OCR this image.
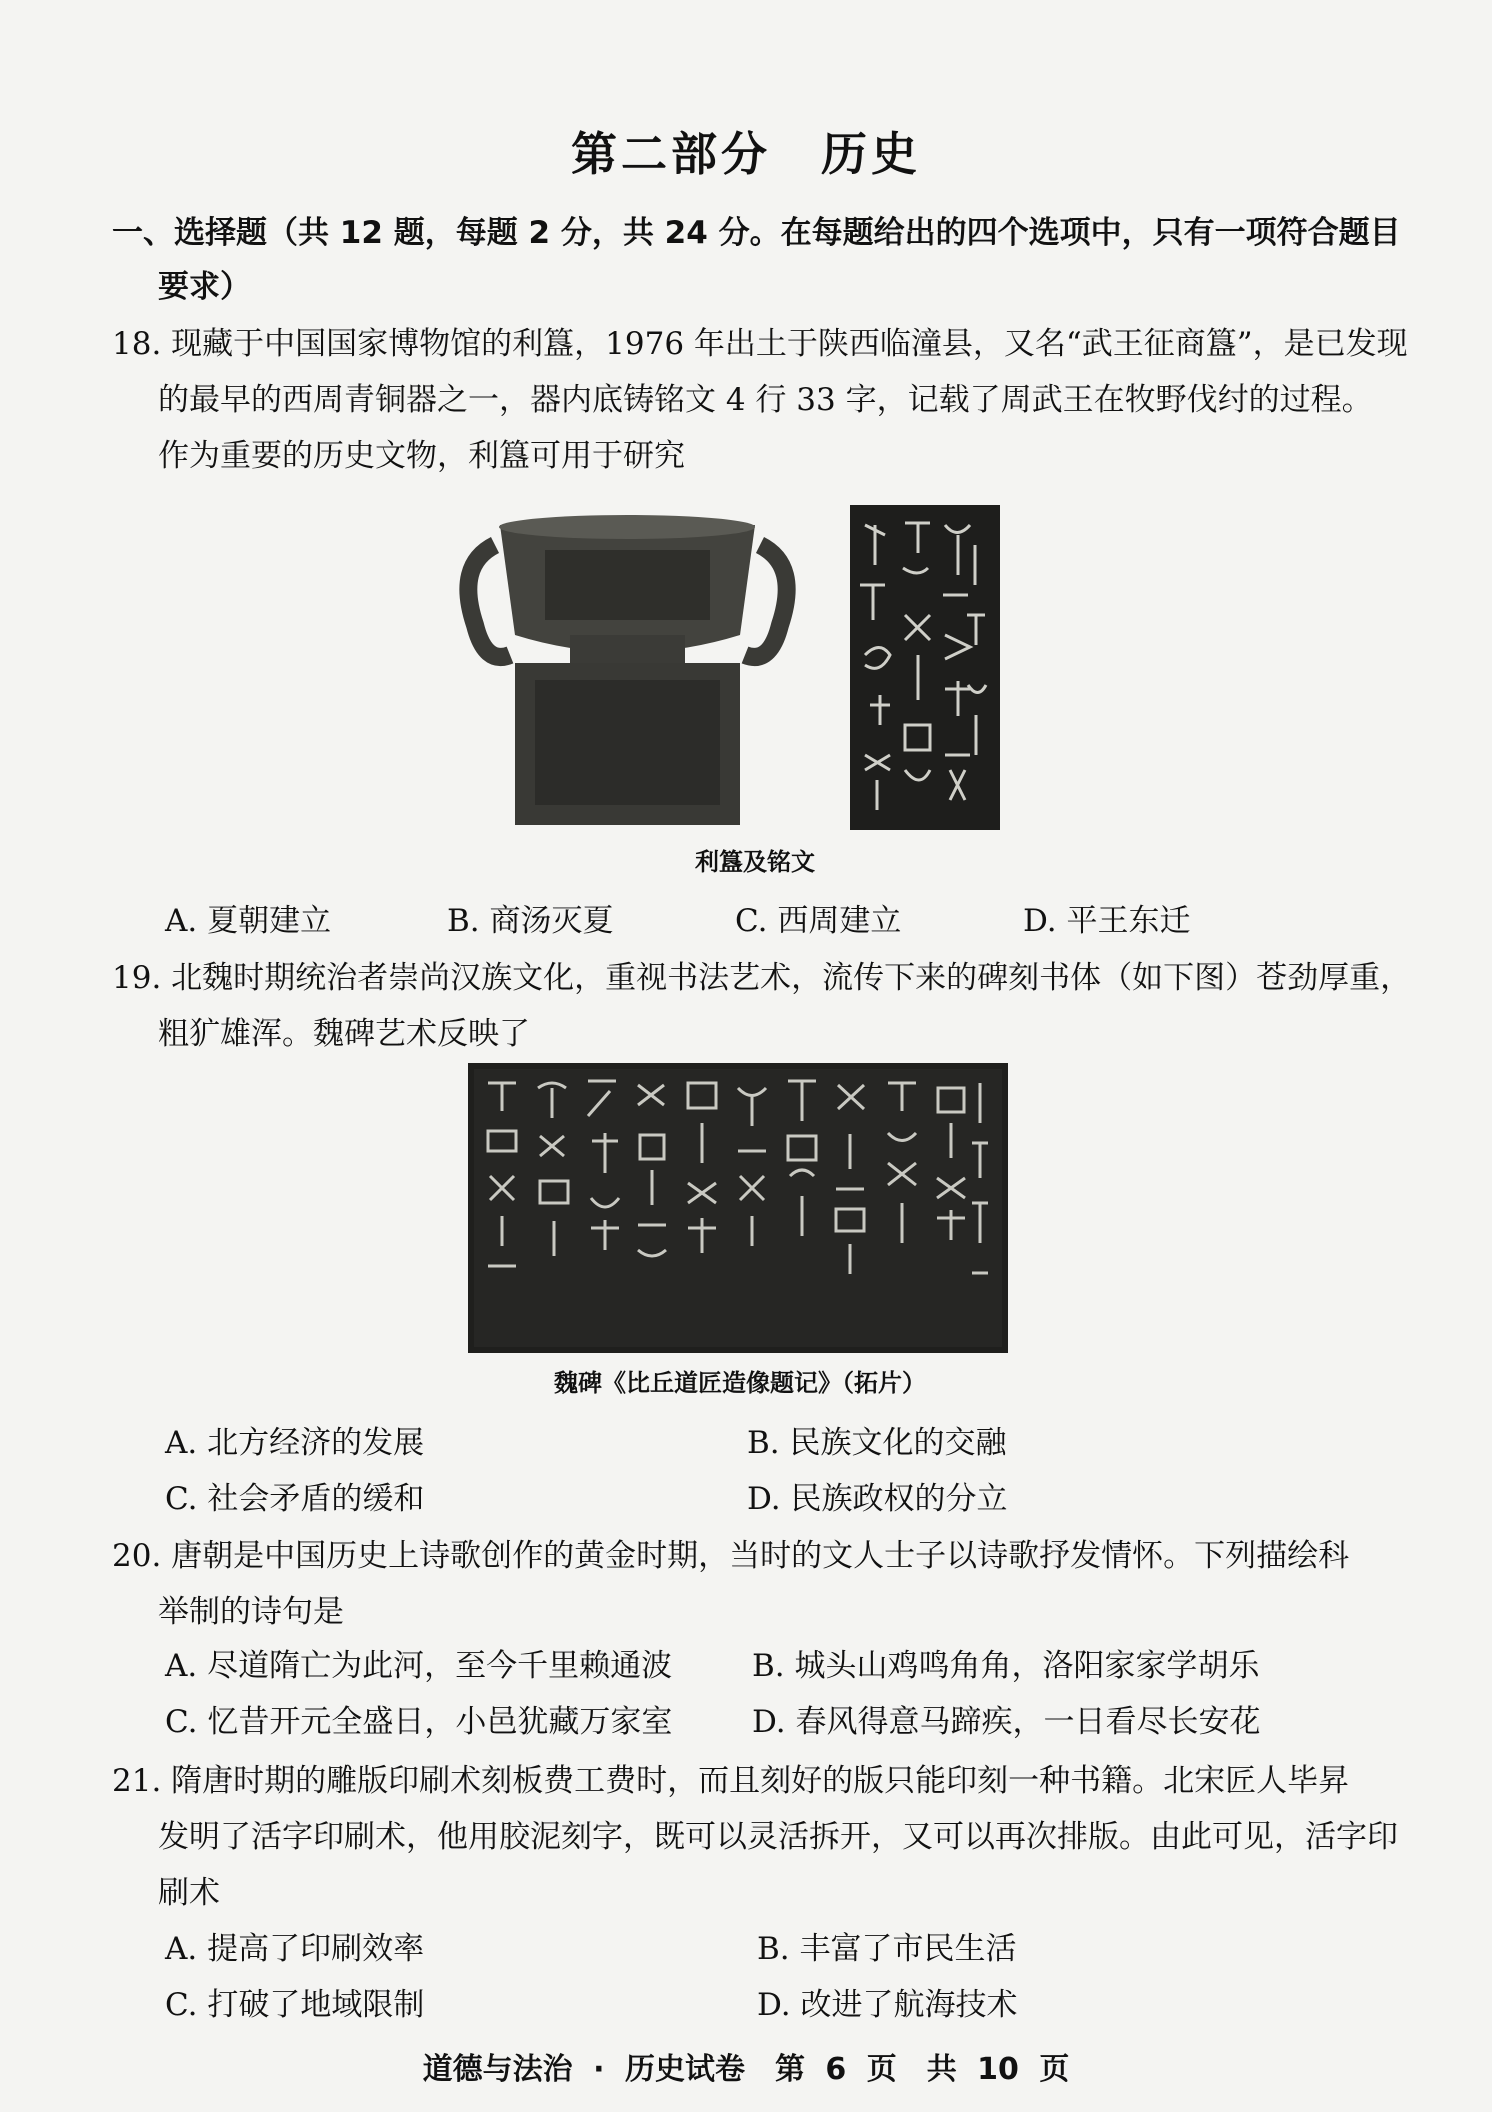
第二部分　历史
一、选择题（共 12 题，每题 2 分，共 24 分。在每题给出的四个选项中，只有一项符合题目
要求）
18. 现藏于中国国家博物馆的利簋，1976 年出土于陕西临潼县，又名“武王征商簋”，是已发现
的最早的西周青铜器之一，器内底铸铭文 4 行 33 字，记载了周武王在牧野伐纣的过程。
作为重要的历史文物，利簋可用于研究
利簋及铭文
A. 夏朝建立	B. 商汤灭夏	C. 西周建立	D. 平王东迁
19. 北魏时期统治者崇尚汉族文化，重视书法艺术，流传下来的碑刻书体（如下图）苍劲厚重，
粗犷雄浑。魏碑艺术反映了
魏碑《比丘道匠造像题记》（拓片）
A. 北方经济的发展	B. 民族文化的交融
C. 社会矛盾的缓和	D. 民族政权的分立
20. 唐朝是中国历史上诗歌创作的黄金时期，当时的文人士子以诗歌抒发情怀。下列描绘科
举制的诗句是
A. 尽道隋亡为此河，至今千里赖通波	B. 城头山鸡鸣角角，洛阳家家学胡乐
C. 忆昔开元全盛日，小邑犹藏万家室	D. 春风得意马蹄疾，一日看尽长安花
21. 隋唐时期的雕版印刷术刻板费工费时，而且刻好的版只能印刻一种书籍。北宋匠人毕昇
发明了活字印刷术，他用胶泥刻字，既可以灵活拆开，又可以再次排版。由此可见，活字印
刷术
A. 提高了印刷效率	B. 丰富了市民生活
C. 打破了地域限制	D. 改进了航海技术
道德与法治 · 历史试卷　第 6 页　共 10 页
